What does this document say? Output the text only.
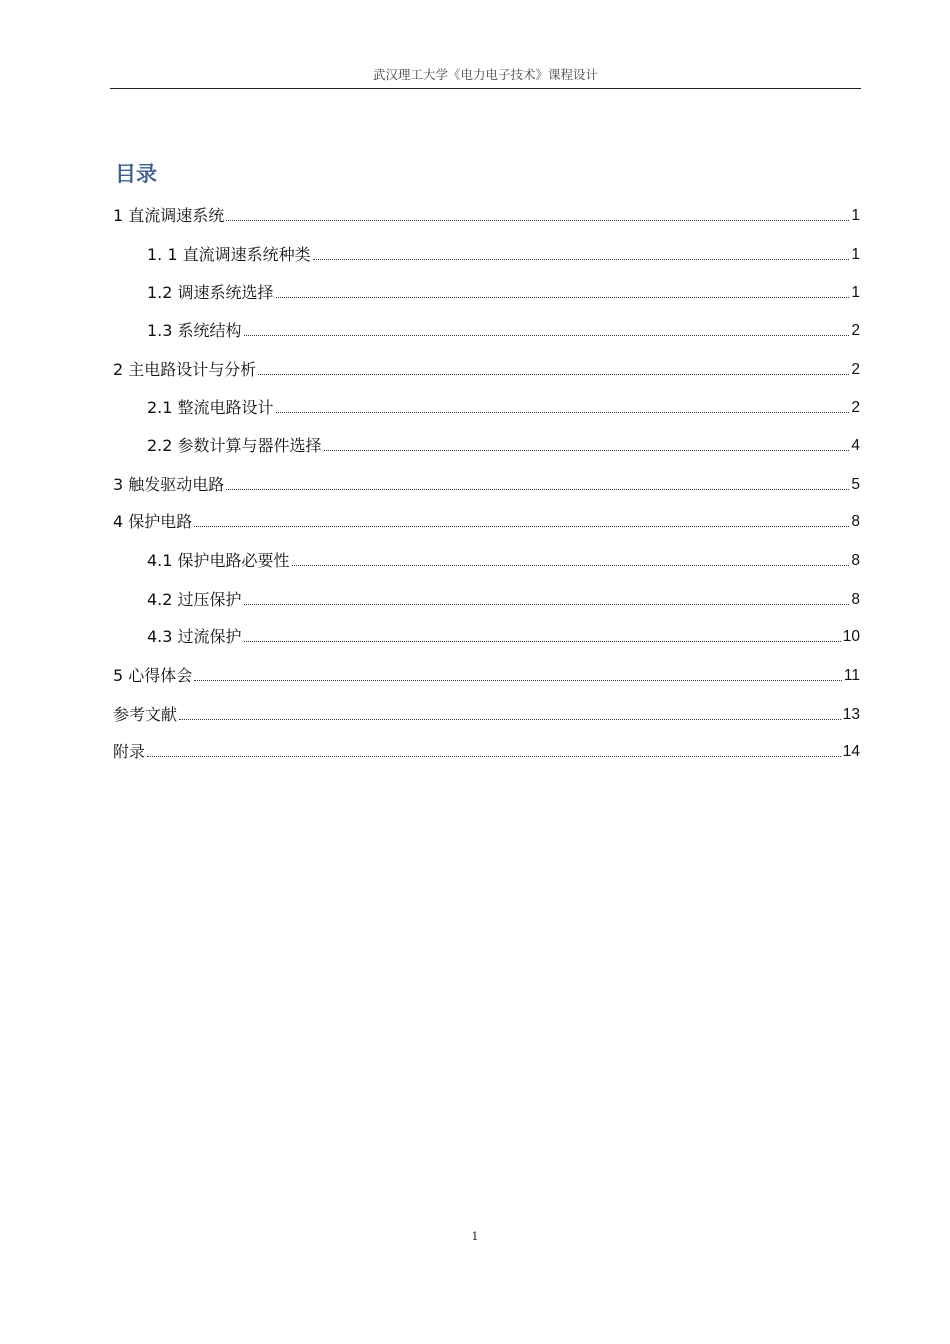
武汉理工大学《电力电子技术》课程设计
目录
1 直流调速系统	1
1. 1 直流调速系统种类	1
1.2 调速系统选择	1
1.3 系统结构	2
2 主电路设计与分析	2
2.1 整流电路设计	2
2.2 参数计算与器件选择	4
3 触发驱动电路	5
4 保护电路	8
4.1 保护电路必要性	8
4.2 过压保护	8
4.3 过流保护	10
5 心得体会	11
参考文献	13
附录	14
1
